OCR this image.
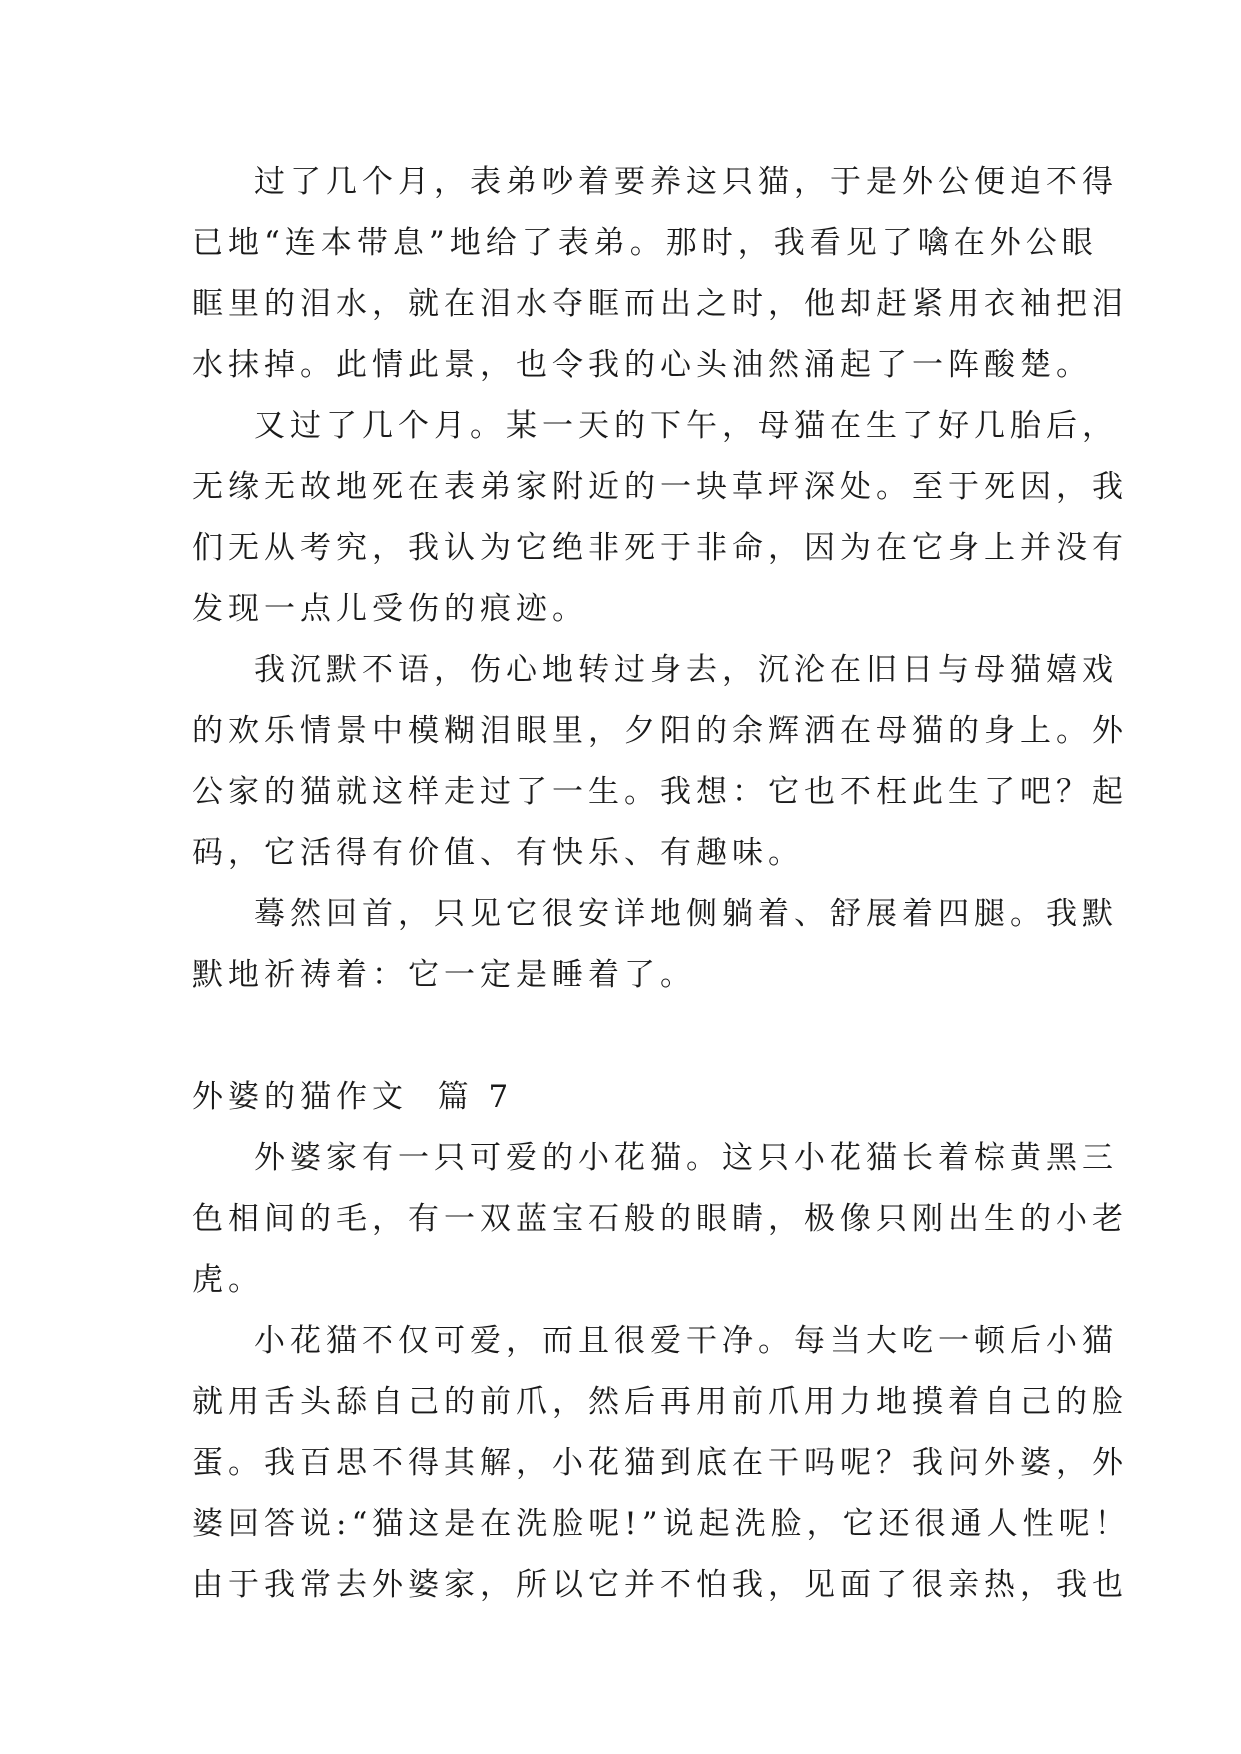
过了几个月，表弟吵着要养这只猫，于是外公便迫不得
已地“连本带息”地给了表弟。那时，我看见了噙在外公眼
眶里的泪水，就在泪水夺眶而出之时，他却赶紧用衣袖把泪
水抹掉。此情此景，也令我的心头油然涌起了一阵酸楚。
又过了几个月。某一天的下午，母猫在生了好几胎后，
无缘无故地死在表弟家附近的一块草坪深处。至于死因，我
们无从考究，我认为它绝非死于非命，因为在它身上并没有
发现一点儿受伤的痕迹。
我沉默不语，伤心地转过身去，沉沦在旧日与母猫嬉戏
的欢乐情景中模糊泪眼里，夕阳的余辉洒在母猫的身上。外
公家的猫就这样走过了一生。我想：它也不枉此生了吧？起
码，它活得有价值、有快乐、有趣味。
蓦然回首，只见它很安详地侧躺着、舒展着四腿。我默
默地祈祷着：它一定是睡着了。
外婆的猫作文  篇 7
外婆家有一只可爱的小花猫。这只小花猫长着棕黄黑三
色相间的毛，有一双蓝宝石般的眼睛，极像只刚出生的小老
虎。
小花猫不仅可爱，而且很爱干净。每当大吃一顿后小猫
就用舌头舔自己的前爪，然后再用前爪用力地摸着自己的脸
蛋。我百思不得其解，小花猫到底在干吗呢？我问外婆，外
婆回答说:“猫这是在洗脸呢!”说起洗脸，它还很通人性呢！
由于我常去外婆家，所以它并不怕我，见面了很亲热，我也
